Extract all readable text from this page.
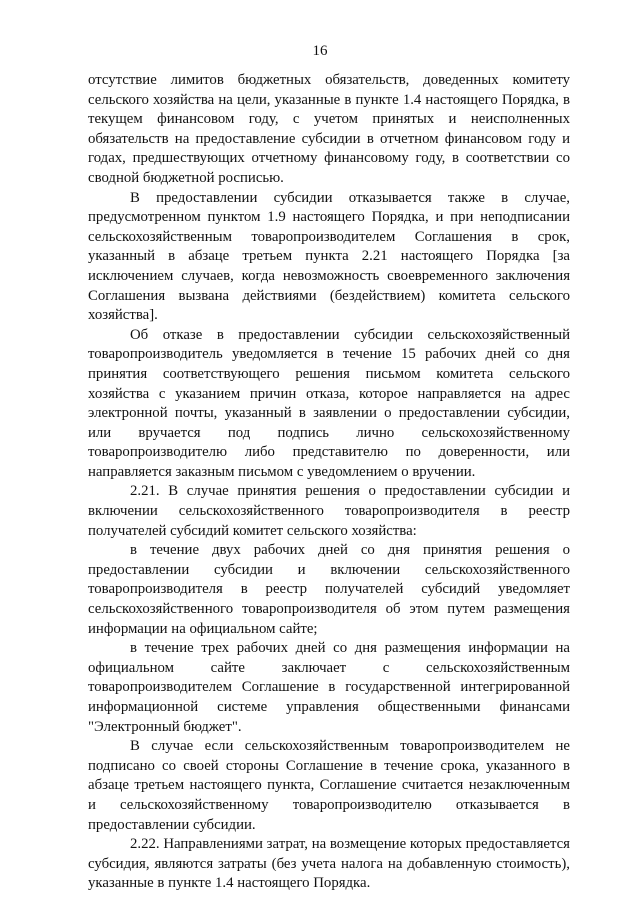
16

отсутствие лимитов бюджетных обязательств, доведенных комитету сельского хозяйства на цели, указанные в пункте 1.4 настоящего Порядка, в текущем финансовом году, с учетом принятых и неисполненных обязательств на предоставление субсидии в отчетном финансовом году и годах, предшествующих отчетному финансовому году, в соответствии со сводной бюджетной росписью.

В предоставлении субсидии отказывается также в случае, предусмотренном пунктом 1.9 настоящего Порядка, и при неподписании сельскохозяйственным товаропроизводителем Соглашения в срок, указанный в абзаце третьем пункта 2.21 настоящего Порядка [за исключением случаев, когда невозможность своевременного заключения Соглашения вызвана действиями (бездействием) комитета сельского хозяйства].

Об отказе в предоставлении субсидии сельскохозяйственный товаропроизводитель уведомляется в течение 15 рабочих дней со дня принятия соответствующего решения письмом комитета сельского хозяйства с указанием причин отказа, которое направляется на адрес электронной почты, указанный в заявлении о предоставлении субсидии, или вручается под подпись лично сельскохозяйственному товаропроизводителю либо представителю по доверенности, или направляется заказным письмом с уведомлением о вручении.

2.21. В случае принятия решения о предоставлении субсидии и включении сельскохозяйственного товаропроизводителя в реестр получателей субсидий комитет сельского хозяйства:

в течение двух рабочих дней со дня принятия решения о предоставлении субсидии и включении сельскохозяйственного товаропроизводителя в реестр получателей субсидий уведомляет сельскохозяйственного товаропроизводителя об этом путем размещения информации на официальном сайте;

в течение трех рабочих дней со дня размещения информации на официальном сайте заключает с сельскохозяйственным товаропроизводителем Соглашение в государственной интегрированной информационной системе управления общественными финансами "Электронный бюджет".

В случае если сельскохозяйственным товаропроизводителем не подписано со своей стороны Соглашение в течение срока, указанного в абзаце третьем настоящего пункта, Соглашение считается незаключенным и сельскохозяйственному товаропроизводителю отказывается в предоставлении субсидии.

2.22. Направлениями затрат, на возмещение которых предоставляется субсидия, являются затраты (без учета налога на добавленную стоимость), указанные в пункте 1.4 настоящего Порядка.
